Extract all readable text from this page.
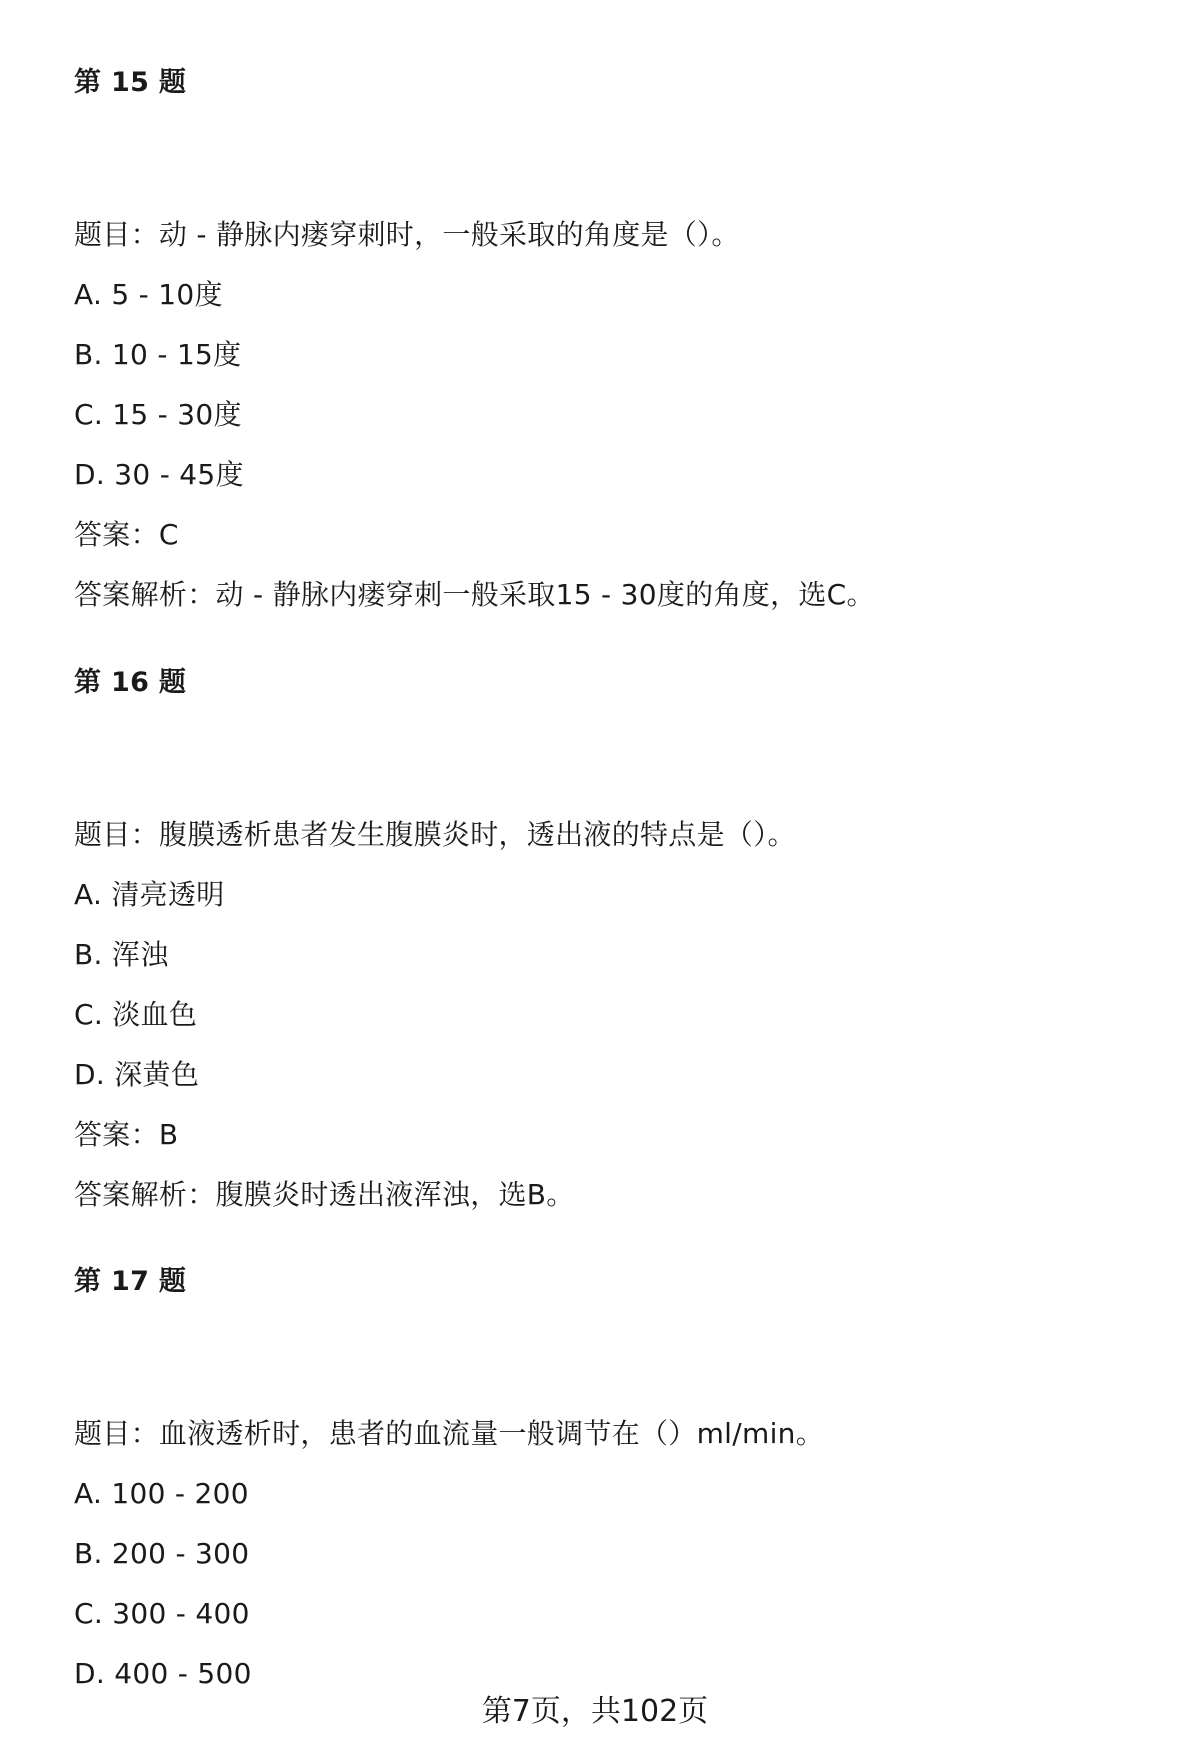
第 15 题
题目：动 - 静脉内瘘穿刺时，一般采取的角度是（）。
A. 5 - 10度
B. 10 - 15度
C. 15 - 30度
D. 30 - 45度
答案：C
答案解析：动 - 静脉内瘘穿刺一般采取15 - 30度的角度，选C。
第 16 题
题目：腹膜透析患者发生腹膜炎时，透出液的特点是（）。
A. 清亮透明
B. 浑浊
C. 淡血色
D. 深黄色
答案：B
答案解析：腹膜炎时透出液浑浊，选B。
第 17 题
题目：血液透析时，患者的血流量一般调节在（）ml/min。
A. 100 - 200
B. 200 - 300
C. 300 - 400
D. 400 - 500
第7页，共102页
